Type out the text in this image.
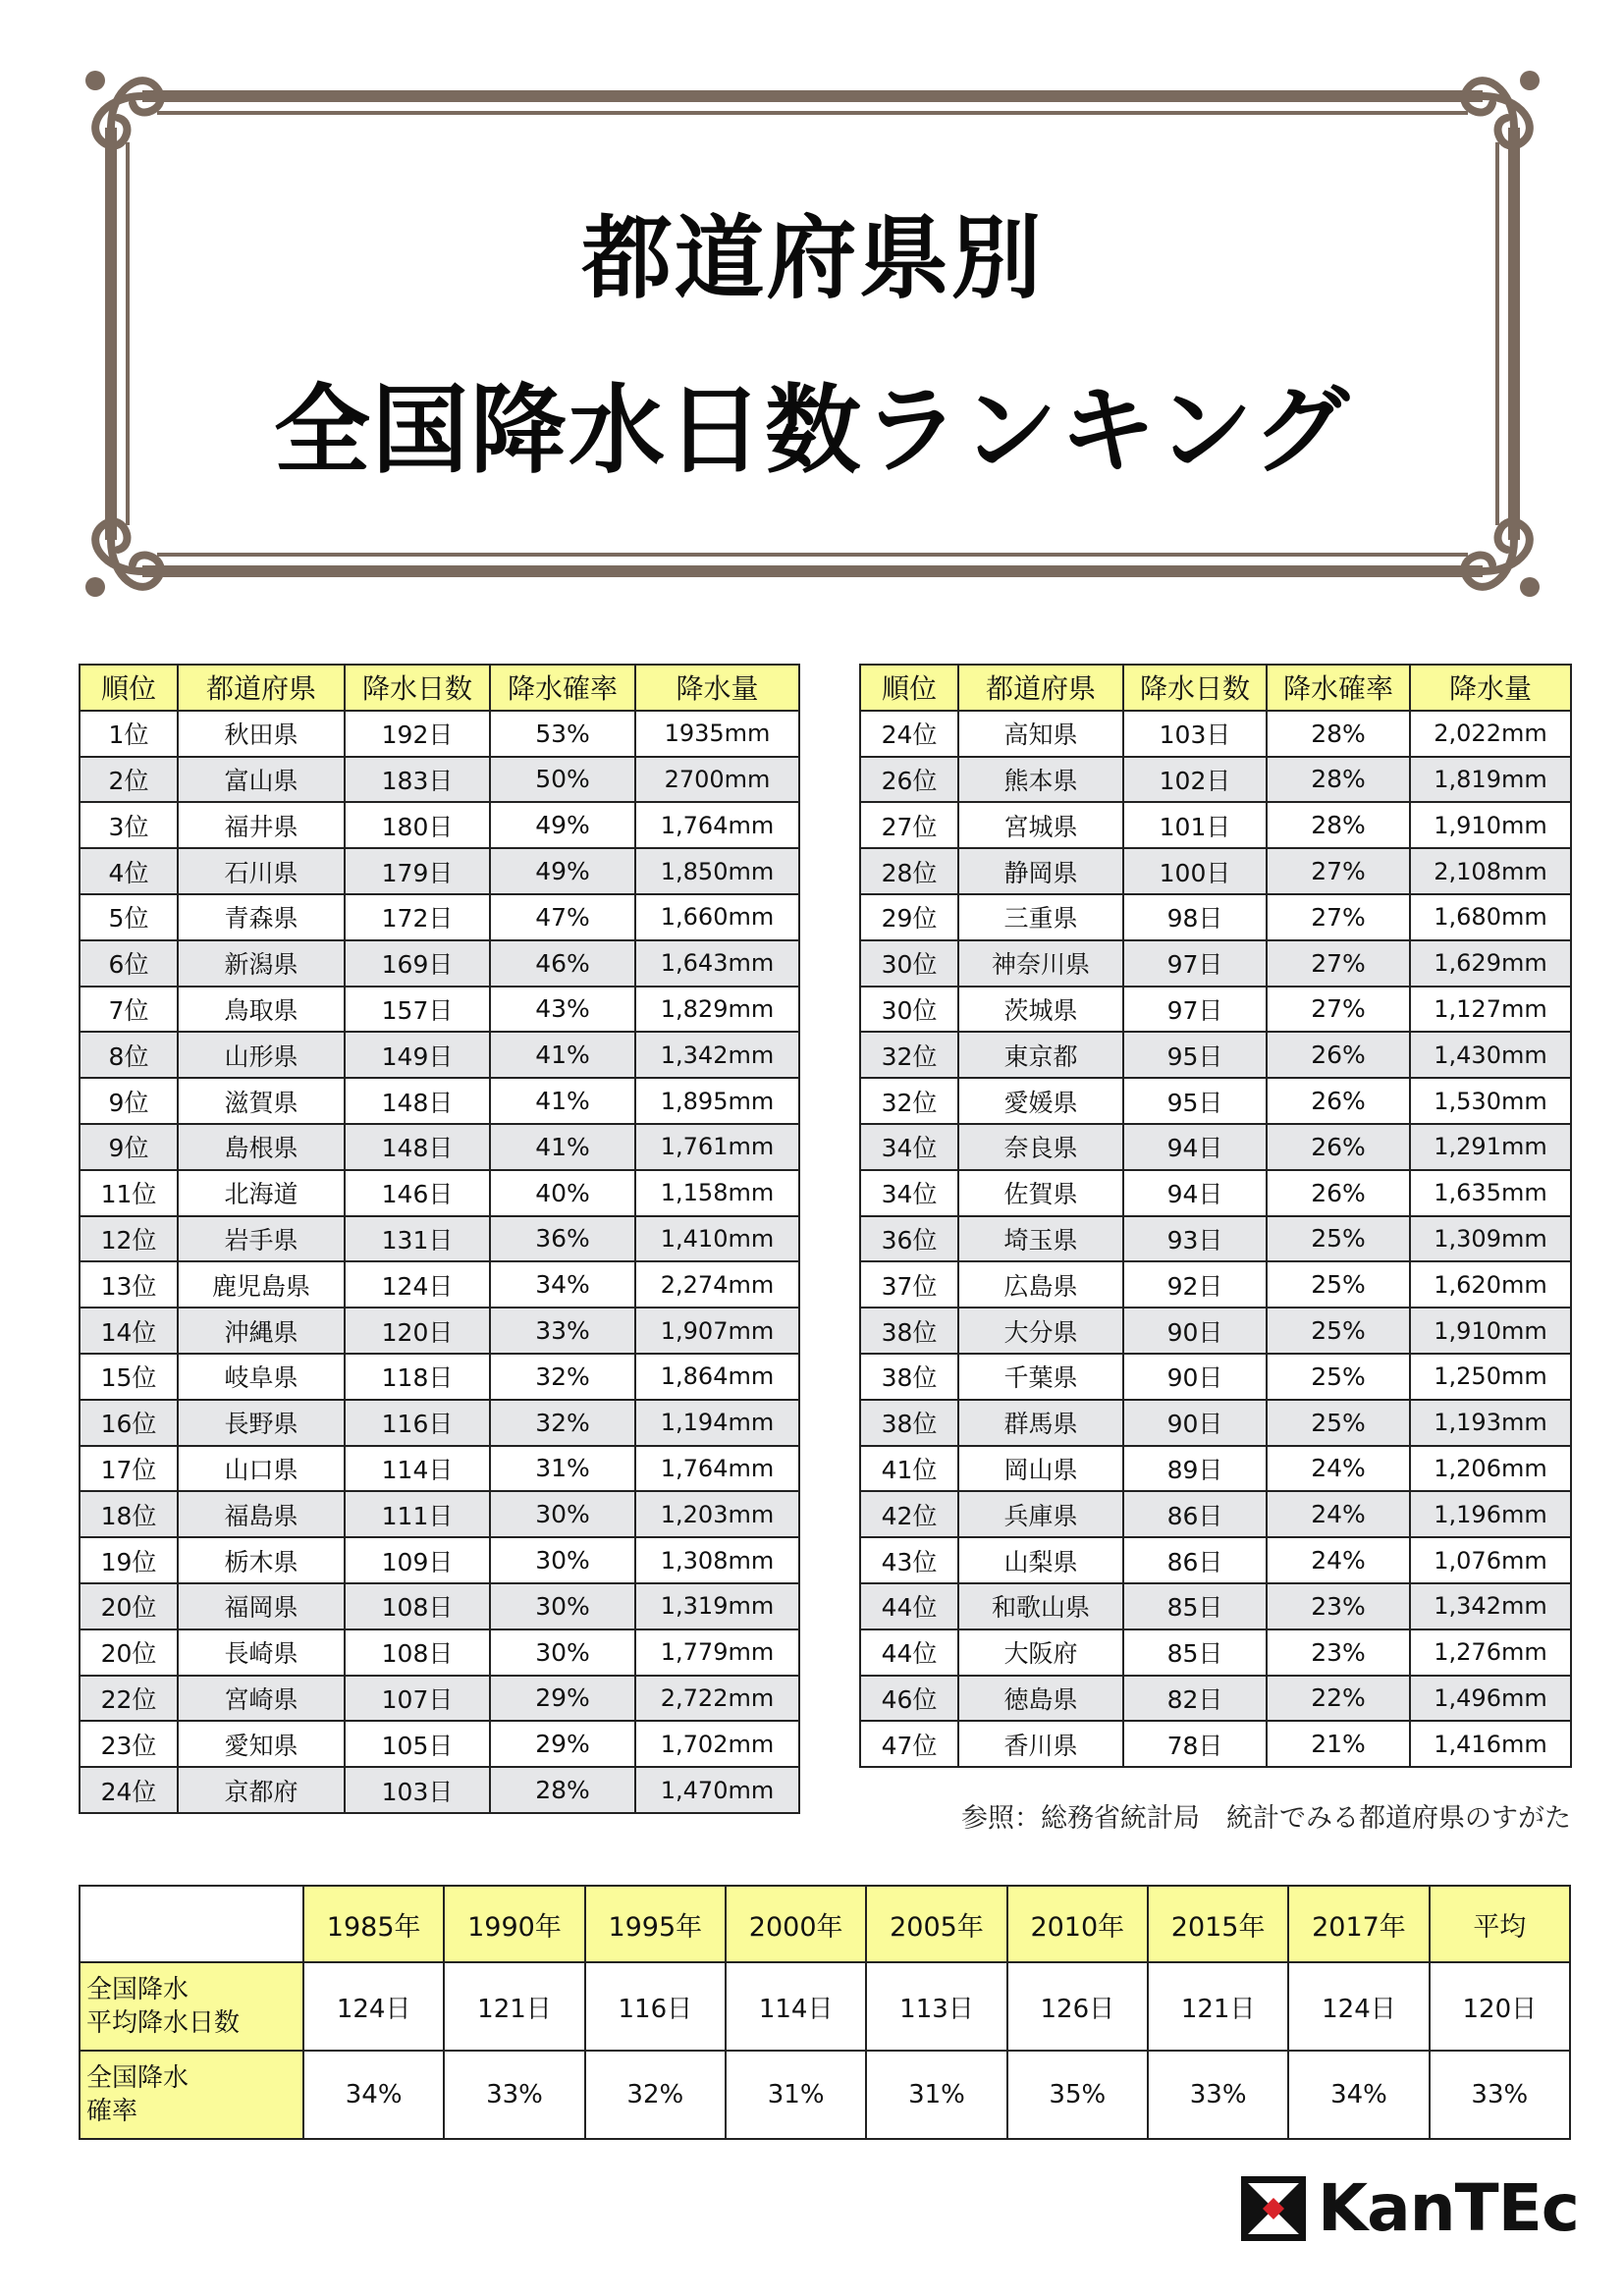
都道府県別
全国降水日数ランキング
順位	都道府県	降水日数	降水確率	降水量
1位	秋田県	192日	53%	1935mm
2位	富山県	183日	50%	2700mm
3位	福井県	180日	49%	1,764mm
4位	石川県	179日	49%	1,850mm
5位	青森県	172日	47%	1,660mm
6位	新潟県	169日	46%	1,643mm
7位	鳥取県	157日	43%	1,829mm
8位	山形県	149日	41%	1,342mm
9位	滋賀県	148日	41%	1,895mm
9位	島根県	148日	41%	1,761mm
11位	北海道	146日	40%	1,158mm
12位	岩手県	131日	36%	1,410mm
13位	鹿児島県	124日	34%	2,274mm
14位	沖縄県	120日	33%	1,907mm
15位	岐阜県	118日	32%	1,864mm
16位	長野県	116日	32%	1,194mm
17位	山口県	114日	31%	1,764mm
18位	福島県	111日	30%	1,203mm
19位	栃木県	109日	30%	1,308mm
20位	福岡県	108日	30%	1,319mm
20位	長崎県	108日	30%	1,779mm
22位	宮崎県	107日	29%	2,722mm
23位	愛知県	105日	29%	1,702mm
24位	京都府	103日	28%	1,470mm
順位	都道府県	降水日数	降水確率	降水量
24位	高知県	103日	28%	2,022mm
26位	熊本県	102日	28%	1,819mm
27位	宮城県	101日	28%	1,910mm
28位	静岡県	100日	27%	2,108mm
29位	三重県	98日	27%	1,680mm
30位	神奈川県	97日	27%	1,629mm
30位	茨城県	97日	27%	1,127mm
32位	東京都	95日	26%	1,430mm
32位	愛媛県	95日	26%	1,530mm
34位	奈良県	94日	26%	1,291mm
34位	佐賀県	94日	26%	1,635mm
36位	埼玉県	93日	25%	1,309mm
37位	広島県	92日	25%	1,620mm
38位	大分県	90日	25%	1,910mm
38位	千葉県	90日	25%	1,250mm
38位	群馬県	90日	25%	1,193mm
41位	岡山県	89日	24%	1,206mm
42位	兵庫県	86日	24%	1,196mm
43位	山梨県	86日	24%	1,076mm
44位	和歌山県	85日	23%	1,342mm
44位	大阪府	85日	23%	1,276mm
46位	徳島県	82日	22%	1,496mm
47位	香川県	78日	21%	1,416mm
参照：総務省統計局　統計でみる都道府県のすがた
	1985年	1990年	1995年	2000年	2005年	2010年	2015年	2017年	平均

全国降水
平均降水日数	124日	121日	116日	114日	113日	126日	121日	124日	120日

全国降水
確率	34%	33%	32%	31%	31%	35%	33%	34%	33%
KanTEc
